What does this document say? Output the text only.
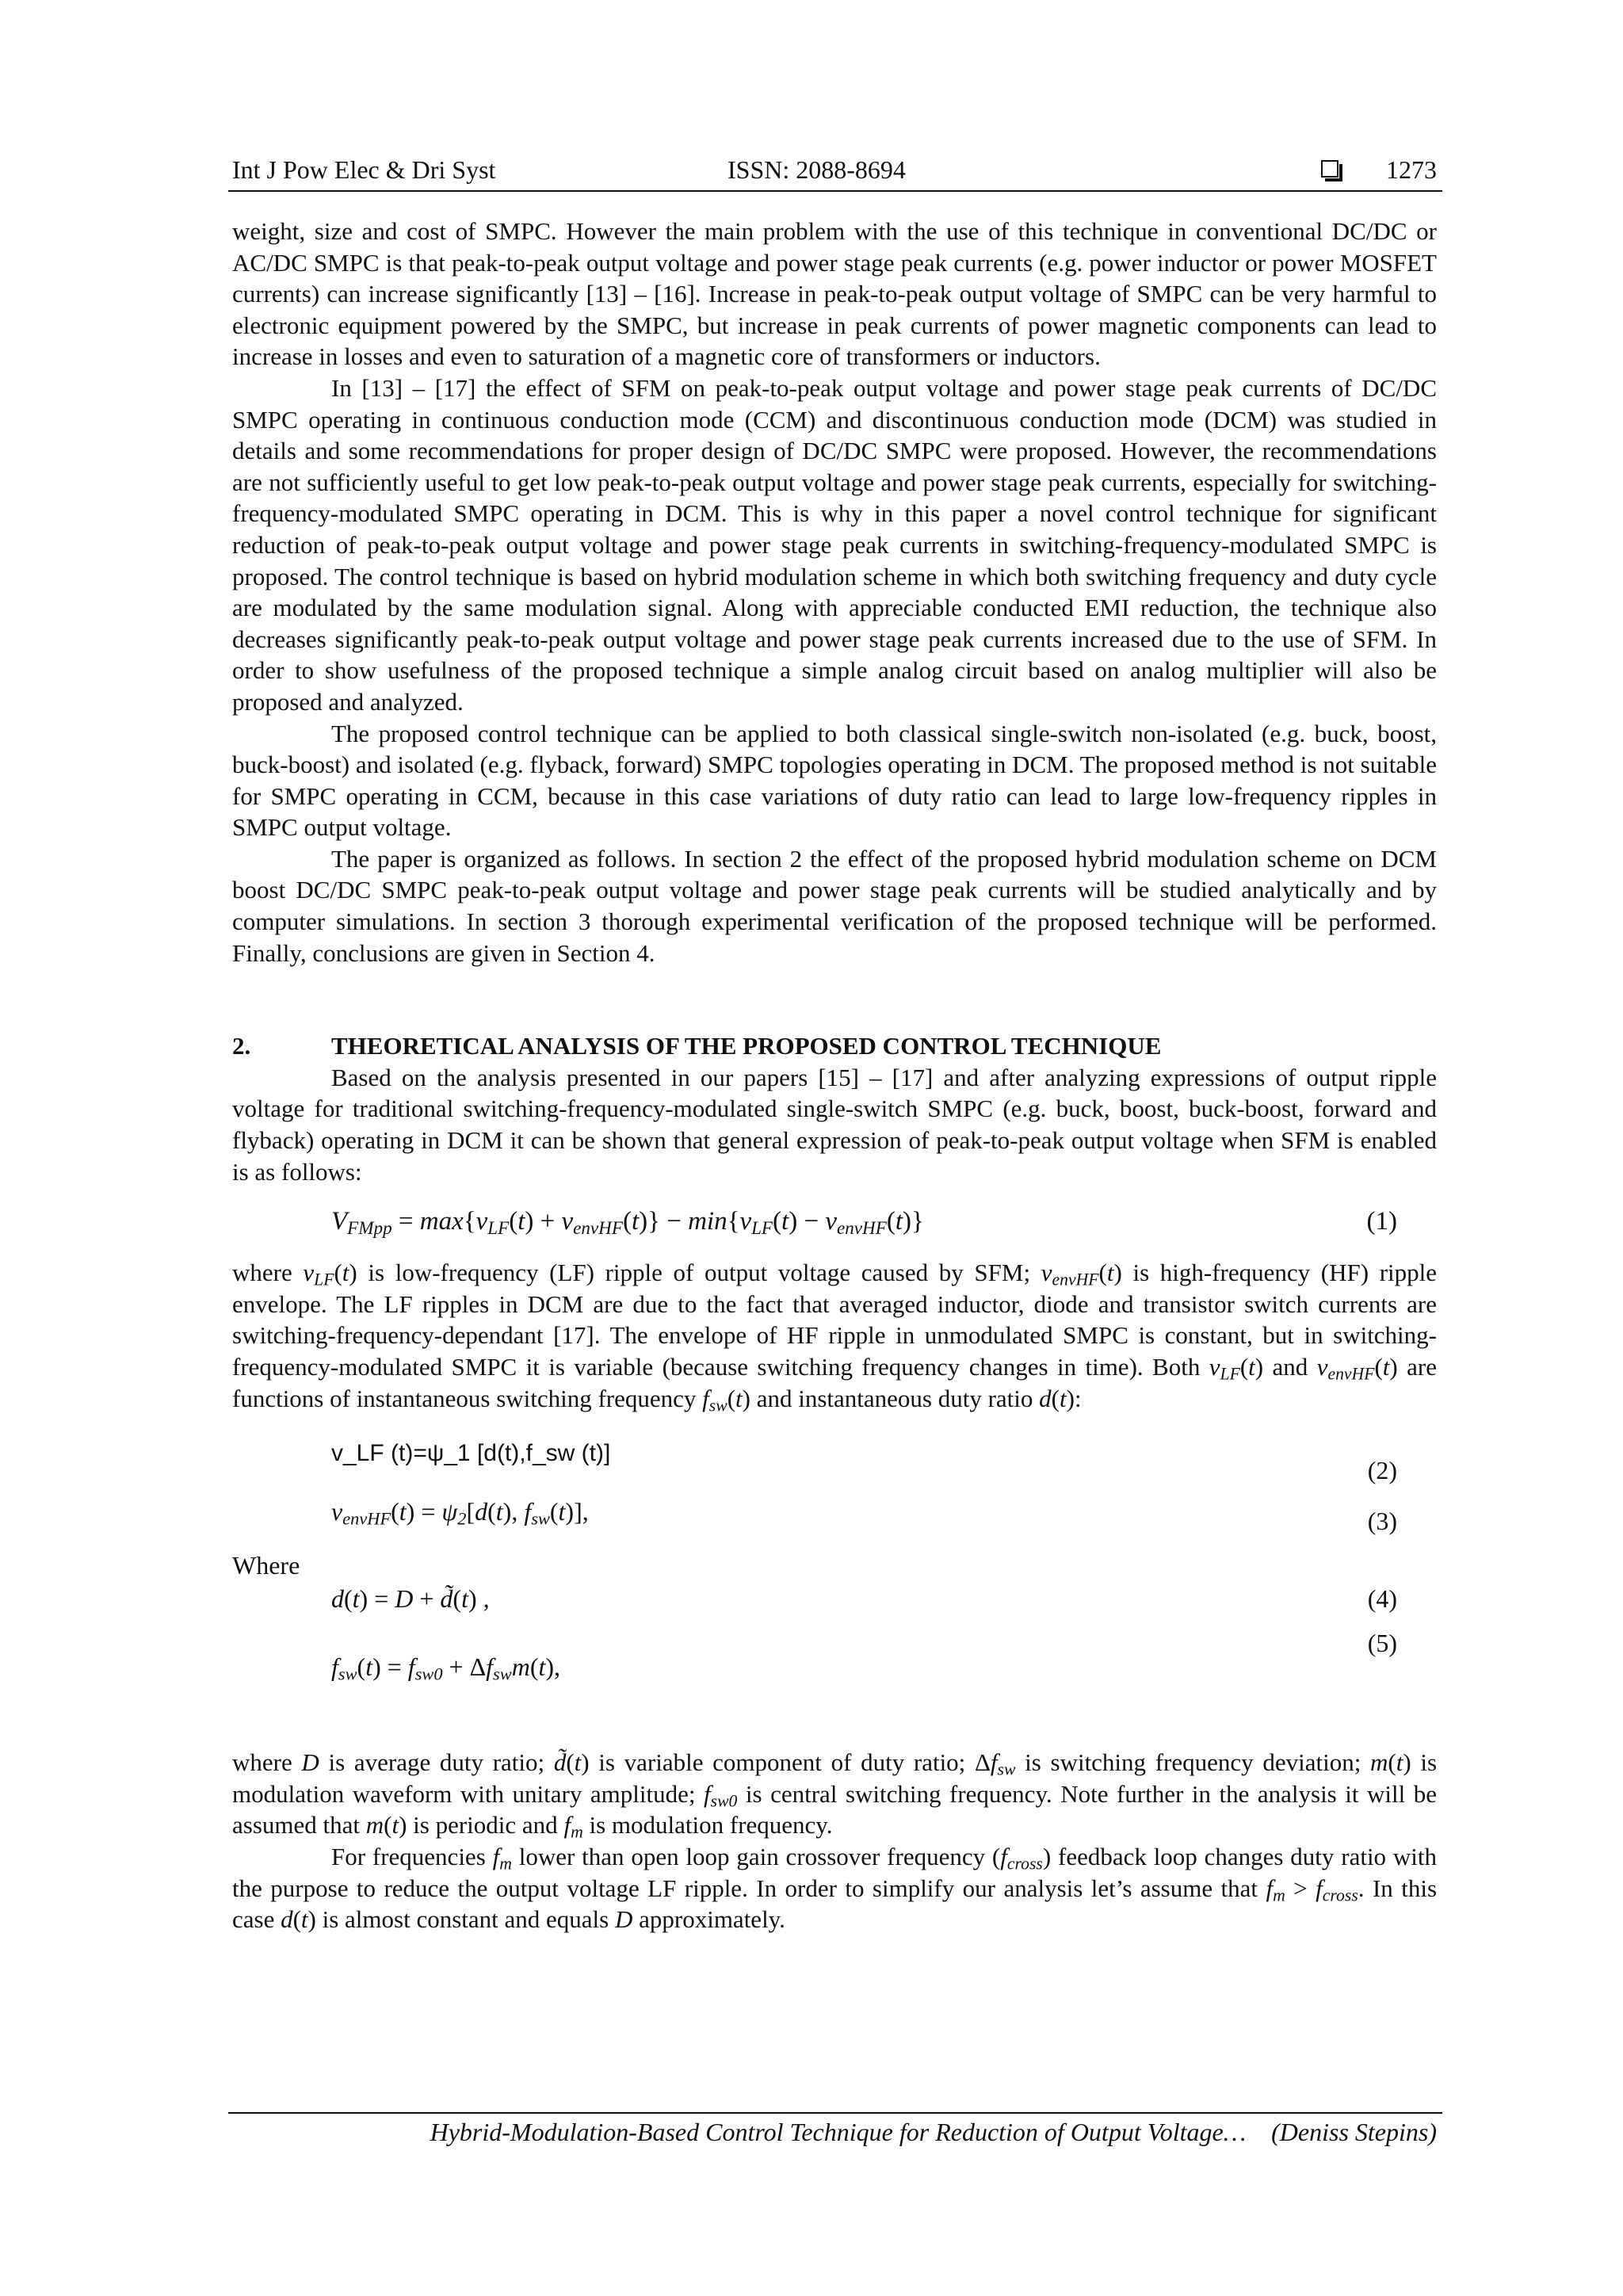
Int J Pow Elec & Dri Syst	ISSN: 2088-8694	1273

weight, size and cost of SMPC. However the main problem with the use of this technique in conventional DC/DC or AC/DC SMPC is that peak-to-peak output voltage and power stage peak currents (e.g. power inductor or power MOSFET currents) can increase significantly [13] – [16]. Increase in peak-to-peak output voltage of SMPC can be very harmful to electronic equipment powered by the SMPC, but increase in peak currents of power magnetic components can lead to increase in losses and even to saturation of a magnetic core of transformers or inductors.

In [13] – [17] the effect of SFM on peak-to-peak output voltage and power stage peak currents of DC/DC SMPC operating in continuous conduction mode (CCM) and discontinuous conduction mode (DCM) was studied in details and some recommendations for proper design of DC/DC SMPC were proposed. However, the recommendations are not sufficiently useful to get low peak-to-peak output voltage and power stage peak currents, especially for switching-frequency-modulated SMPC operating in DCM. This is why in this paper a novel control technique for significant reduction of peak-to-peak output voltage and power stage peak currents in switching-frequency-modulated SMPC is proposed. The control technique is based on hybrid modulation scheme in which both switching frequency and duty cycle are modulated by the same modulation signal. Along with appreciable conducted EMI reduction, the technique also decreases significantly peak-to-peak output voltage and power stage peak currents increased due to the use of SFM. In order to show usefulness of the proposed technique a simple analog circuit based on analog multiplier will also be proposed and analyzed.

The proposed control technique can be applied to both classical single-switch non-isolated (e.g. buck, boost, buck-boost) and isolated (e.g. flyback, forward) SMPC topologies operating in DCM. The proposed method is not suitable for SMPC operating in CCM, because in this case variations of duty ratio can lead to large low-frequency ripples in SMPC output voltage.

The paper is organized as follows. In section 2 the effect of the proposed hybrid modulation scheme on DCM boost DC/DC SMPC peak-to-peak output voltage and power stage peak currents will be studied analytically and by computer simulations. In section 3 thorough experimental verification of the proposed technique will be performed. Finally, conclusions are given in Section 4.

2.	THEORETICAL ANALYSIS OF THE PROPOSED CONTROL TECHNIQUE

Based on the analysis presented in our papers [15] – [17] and after analyzing expressions of output ripple voltage for traditional switching-frequency-modulated single-switch SMPC (e.g. buck, boost, buck-boost, forward and flyback) operating in DCM it can be shown that general expression of peak-to-peak output voltage when SFM is enabled is as follows:

$V_{FMpp} = \max\{v_{LF}(t) + v_{envHF}(t)\} - \min\{v_{LF}(t) - v_{envHF}(t)\}$	(1)

where $v_{LF}(t)$ is low-frequency (LF) ripple of output voltage caused by SFM; $v_{envHF}(t)$ is high-frequency (HF) ripple envelope. The LF ripples in DCM are due to the fact that averaged inductor, diode and transistor switch currents are switching-frequency-dependant [17]. The envelope of HF ripple in unmodulated SMPC is constant, but in switching-frequency-modulated SMPC it is variable (because switching frequency changes in time). Both $v_{LF}(t)$ and $v_{envHF}(t)$ are functions of instantaneous switching frequency $f_{sw}(t)$ and instantaneous duty ratio d(t):

v_LF (t)=ψ_1 [d(t),f_sw (t)]
(2)
$v_{envHF}(t) = \psi_2[d(t)$, $f_{sw}(t)$],	(3)
Where
d(t) = D + d̃(t) ,	(4)
(5)
$f_{sw}(t) = f_{sw0} + \Delta f_{sw}m(t)$,

where D is average duty ratio; d̃(t) is variable component of duty ratio; $\Delta f_{sw}$ is switching frequency deviation; m(t) is modulation waveform with unitary amplitude; $f_{sw0}$ is central switching frequency. Note further in the analysis it will be assumed that m(t) is periodic and $f_m$ is modulation frequency.

For frequencies $f_m$ lower than open loop gain crossover frequency $(f_{cross})$ feedback loop changes duty ratio with the purpose to reduce the output voltage LF ripple. In order to simplify our analysis let’s assume that $f_m > f_{cross}$. In this case d(t) is almost constant and equals D approximately.

Hybrid-Modulation-Based Control Technique for Reduction of Output Voltage… (Deniss Stepins)
